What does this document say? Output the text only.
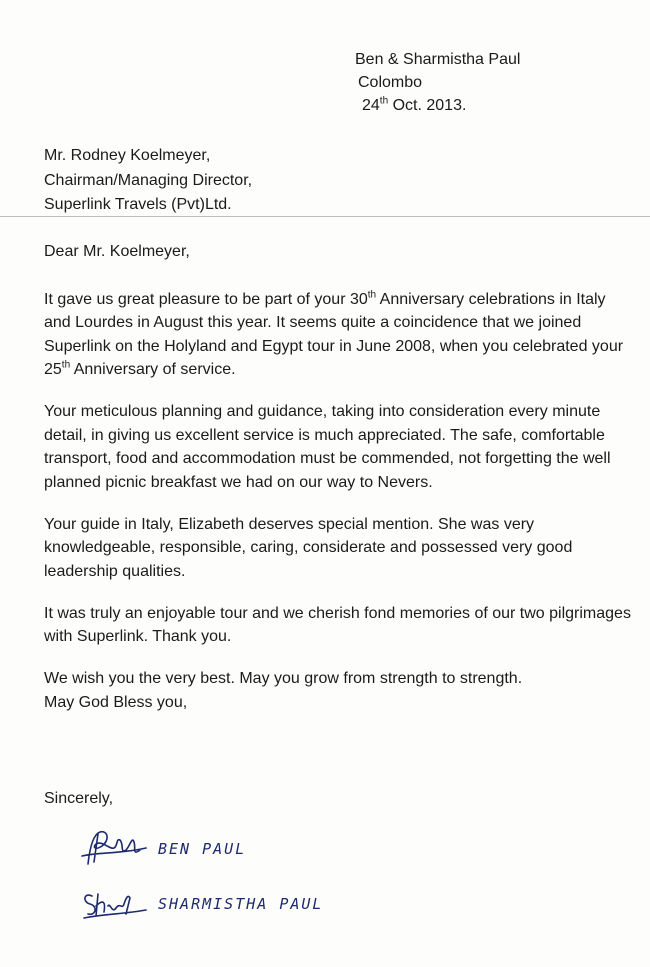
Ben & Sharmistha Paul
Colombo
24th Oct. 2013.
Mr. Rodney Koelmeyer,
Chairman/Managing Director,
Superlink Travels (Pvt)Ltd.

Dear Mr. Koelmeyer,

It gave us great pleasure to be part of your 30th Anniversary celebrations in Italy and Lourdes in August this year. It seems quite a coincidence that we joined Superlink on the Holyland and Egypt tour in June 2008, when you celebrated your 25th Anniversary of service.

Your meticulous planning and guidance, taking into consideration every minute detail, in giving us excellent service is much appreciated. The safe, comfortable transport, food and accommodation must be commended, not forgetting the well planned picnic breakfast we had on our way to Nevers.

Your guide in Italy, Elizabeth deserves special mention. She was very knowledgeable, responsible, caring, considerate and possessed very good leadership qualities.

It was truly an enjoyable tour and we cherish fond memories of our two pilgrimages with Superlink. Thank you.

We wish you the very best. May you grow from strength to strength.
May God Bless you,

Sincerely,
BEN PAUL
SHARMISTHA PAUL
